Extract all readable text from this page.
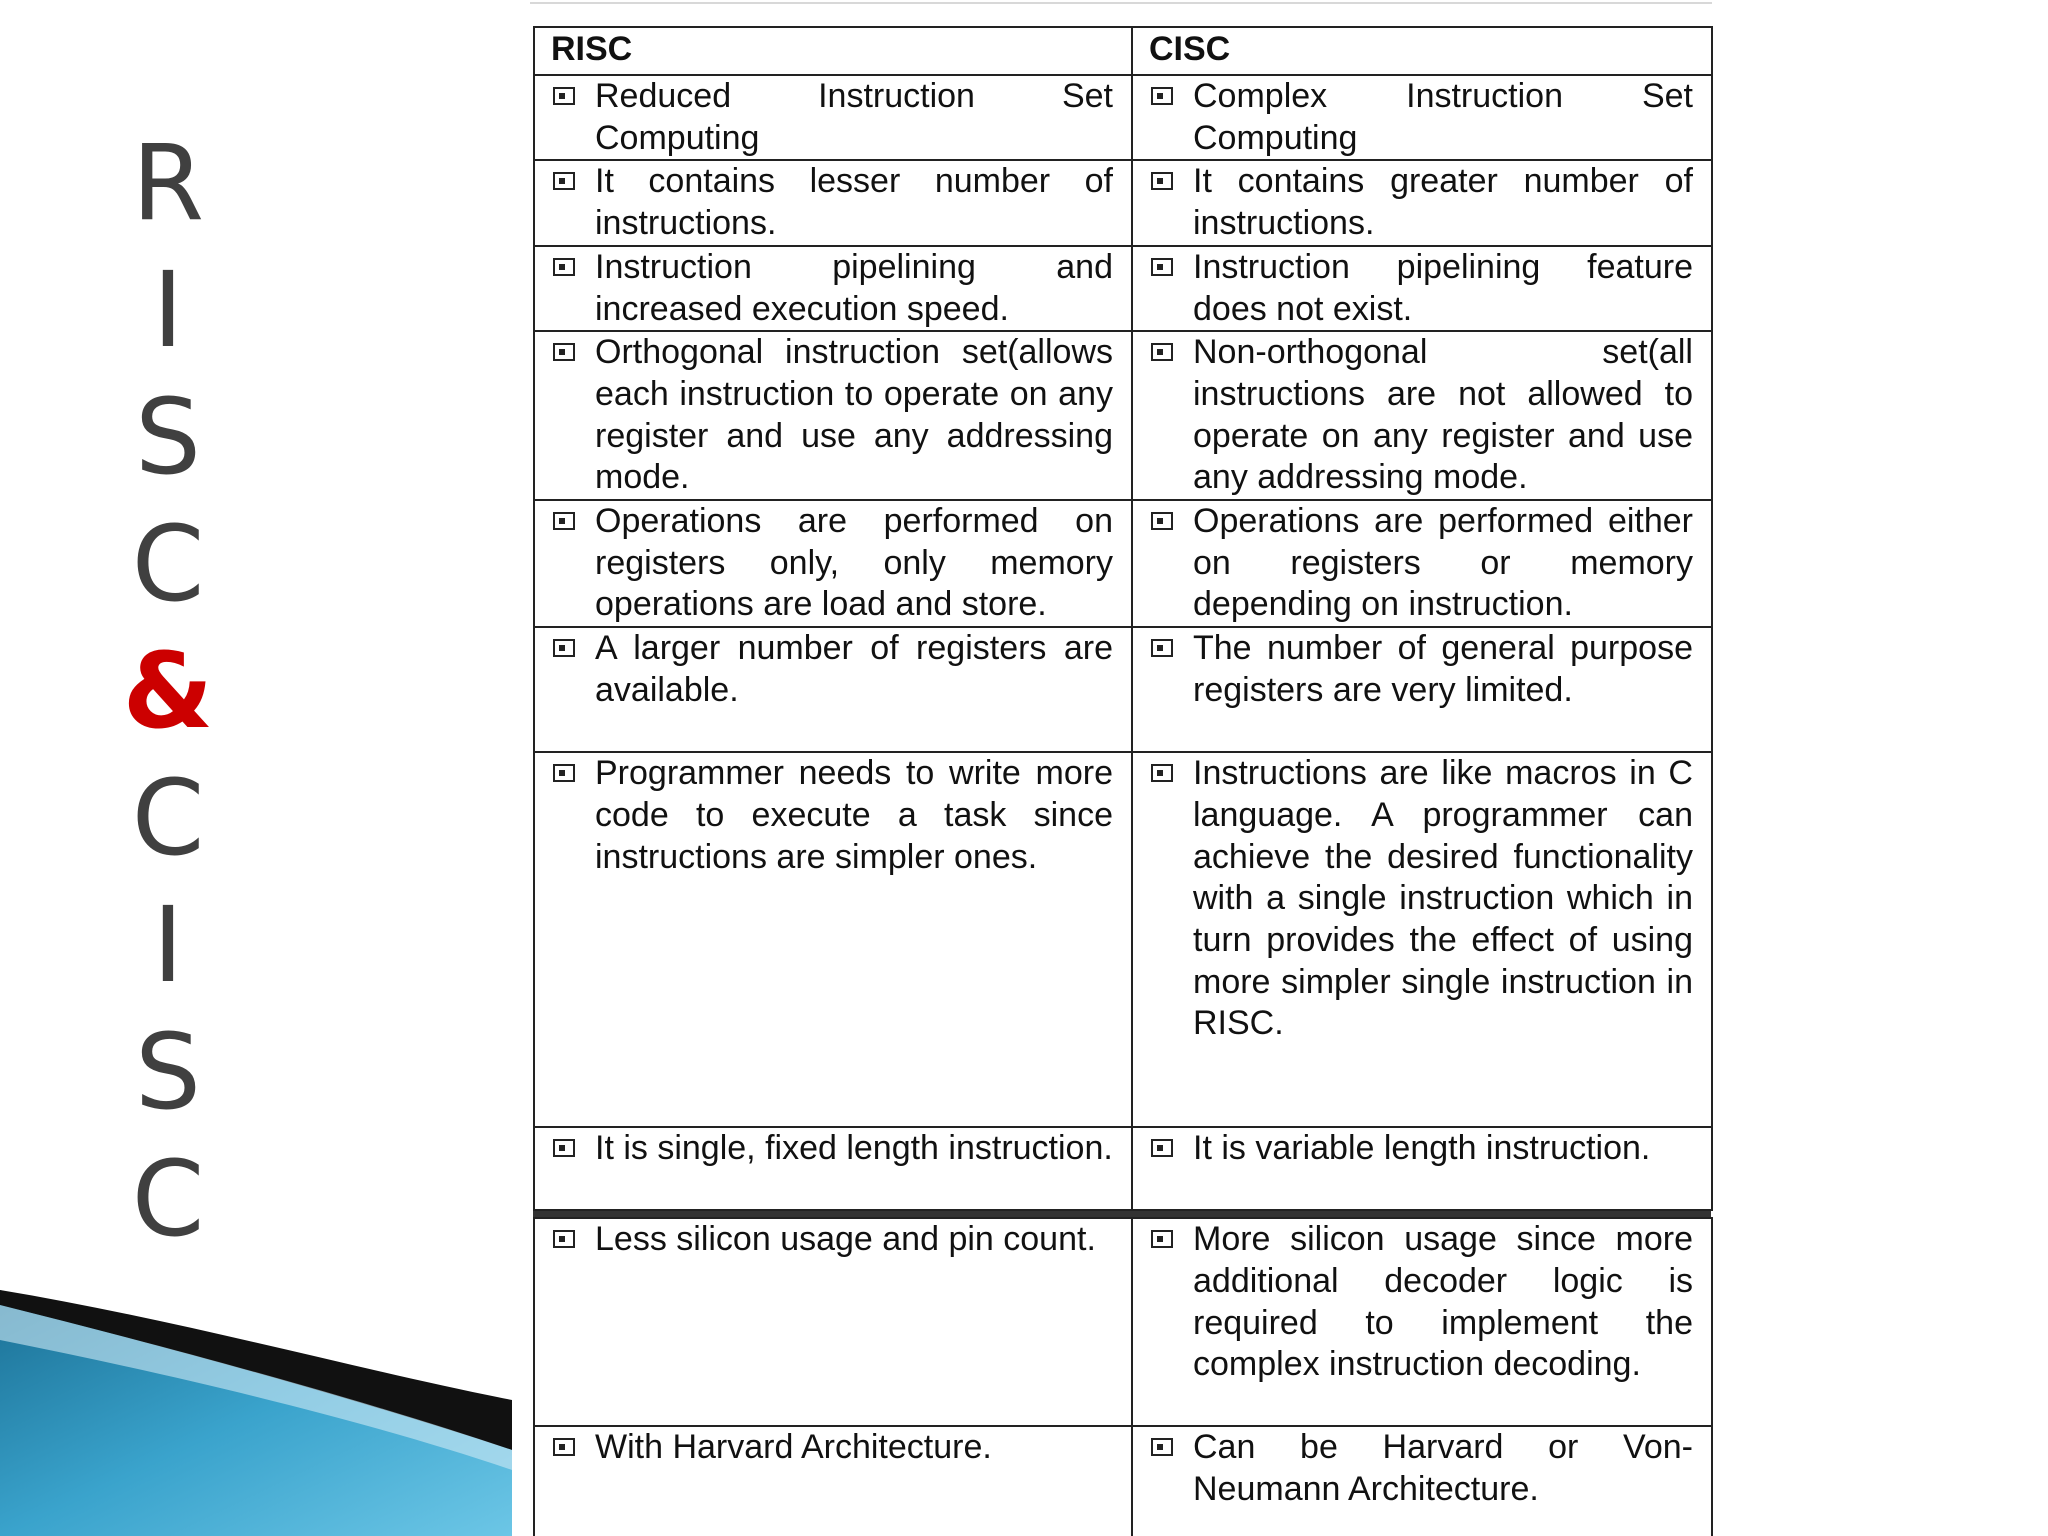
R
I
S
C
&
C
I
S
C
RISC	CISC

Reduced Instruction Set Computing	Complex Instruction Set Computing

It contains lesser number of instructions.	It contains greater number of instructions.

Instruction pipelining and increased execution speed.	Instruction pipelining feature does not exist.

Orthogonal instruction set(allows each instruction to operate on any register and use any addressing mode.	Non-orthogonal set(all instructions are not allowed to operate on any register and use any addressing mode.

Operations are performed on registers only, only memory operations are load and store.	Operations are performed either on registers or memory depending on instruction.

A larger number of registers are available.	The number of general purpose registers are very limited.

Programmer needs to write more code to execute a task since instructions are simpler ones.	Instructions are like macros in C language. A programmer can achieve the desired functionality with a single instruction which in turn provides the effect of using more simpler single instruction in RISC.

It is single, fixed length instruction.	It is variable length instruction.
Less silicon usage and pin count.	More silicon usage since more additional decoder logic is required to implement the complex instruction decoding.

With Harvard Architecture.	Can be Harvard or Von-Neumann Architecture.
